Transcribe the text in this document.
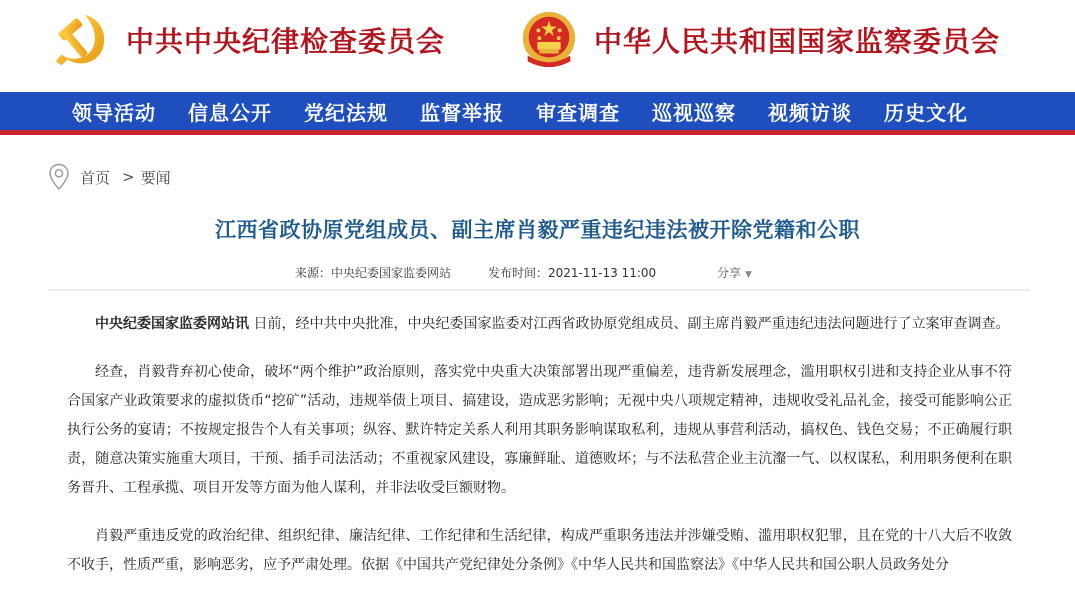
中共中央纪律检查委员会	中华人民共和国国家监察委员会
领导活动 信息公开 党纪法规 监督举报 审查调查 巡视巡察 视频访谈 历史文化
首页 > 要闻
江西省政协原党组成员、副主席肖毅严重违纪违法被开除党籍和公职
来源：中央纪委国家监委网站	发布时间：2021-11-13 11:00	分享 ▼

中央纪委国家监委网站讯 日前，经中共中央批准，中央纪委国家监委对江西省政协原党组成员、副主席肖毅严重违纪违法问题进行了立案审查调查。

经查，肖毅背弃初心使命，破坏“两个维护”政治原则，落实党中央重大决策部署出现严重偏差，违背新发展理念，滥用职权引进和支持企业从事不符合国家产业政策要求的虚拟货币“挖矿”活动，违规举债上项目、搞建设，造成恶劣影响；无视中央八项规定精神，违规收受礼品礼金，接受可能影响公正执行公务的宴请；不按规定报告个人有关事项；纵容、默许特定关系人利用其职务影响谋取私利，违规从事营利活动，搞权色、钱色交易；不正确履行职责，随意决策实施重大项目，干预、插手司法活动；不重视家风建设，寡廉鲜耻、道德败坏；与不法私营企业主沆瀣一气、以权谋私，利用职务便利在职务晋升、工程承揽、项目开发等方面为他人谋利，并非法收受巨额财物。

肖毅严重违反党的政治纪律、组织纪律、廉洁纪律、工作纪律和生活纪律，构成严重职务违法并涉嫌受贿、滥用职权犯罪，且在党的十八大后不收敛不收手，性质严重，影响恶劣，应予严肃处理。依据《中国共产党纪律处分条例》《中华人民共和国监察法》《中华人民共和国公职人员政务处分
